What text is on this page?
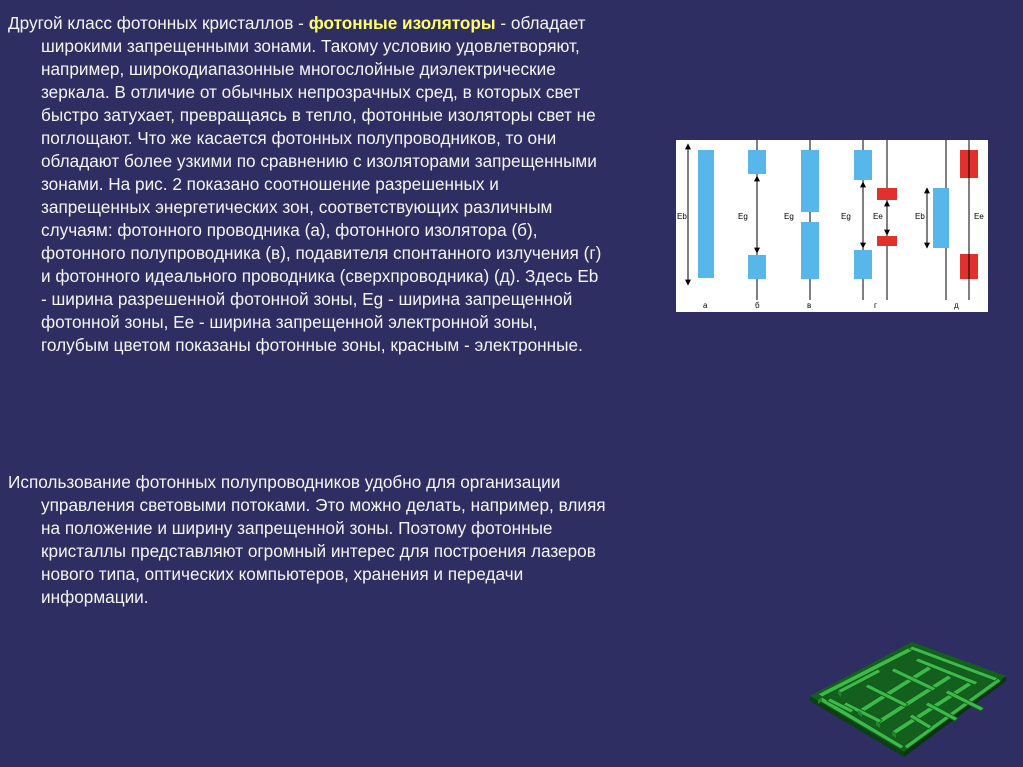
Другой класс фотонных кристаллов - фотонные изоляторы - обладает широкими запрещенными зонами. Такому условию удовлетворяют, например, широкодиапазонные многослойные диэлектрические зеркала. В отличие от обычных непрозрачных сред, в которых свет быстро затухает, превращаясь в тепло, фотонные изоляторы свет не поглощают. Что же касается фотонных полупроводников, то они обладают более узкими по сравнению с изоляторами запрещенными зонами. На рис. 2 показано соотношение разрешенных и запрещенных энергетических зон, соответствующих различным случаям: фотонного проводника (а), фотонного изолятора (б), фотонного полупроводника (в), подавителя спонтанного излучения (г) и фотонного идеального проводника (сверхпроводника) (д). Здесь Eb - ширина разрешенной фотонной зоны, Eg - ширина запрещенной фотонной зоны, Ee - ширина запрещенной электронной зоны, голубым цветом показаны фотонные зоны, красным - электронные.

Использование фотонных полупроводников удобно для организации управления световыми потоками. Это можно делать, например, влияя на положение и ширину запрещенной зоны. Поэтому фотонные кристаллы представляют огромный интерес для построения лазеров нового типа, оптических компьютеров, хранения и передачи информации.

Eb
а
Eg
б
Eg
в
Eg	Ee
г
Eb	Ee
д
